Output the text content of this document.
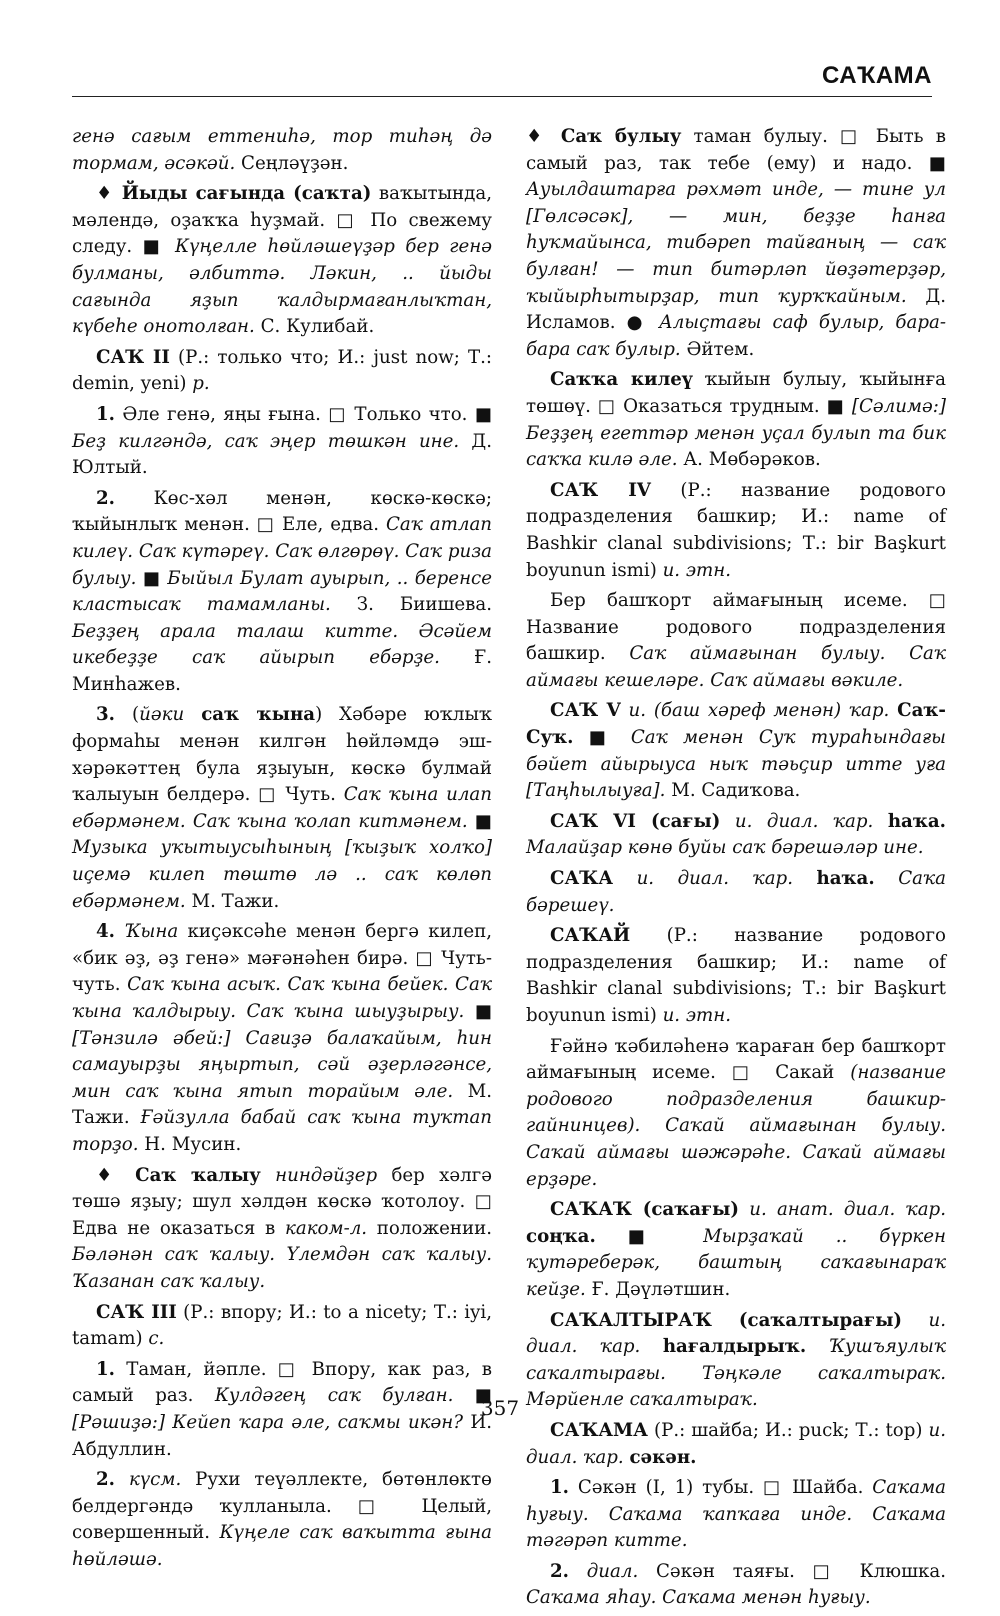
САҠАМА

генә сағым еттениһә, тор тиһәң дә тормам, әсәкәй. Сеңләүҙән.

♦ Йыды сағында (саҡта) ваҡытында, мәлендә, оҙаҡҡа һуҙмай. □ По свежему следу. ■ Күңелле һөйләшеүҙәр бер генә булманы, әлбиттә. Ләкин, .. йыды сағында яҙып ҡалдырмағанлыҡтан, күбеһе онотолған. С. Кулибай.

САҠ II (Р.: только что; И.: just now; Т.: demin, yeni) р.

1. Әле генә, яңы ғына. □ Только что. ■ Беҙ килгәндә, саҡ эңер төшкән ине. Д. Юлтый.

2. Көс-хәл менән, көскә-көскә; ҡыйынлыҡ менән. □ Еле, едва. Саҡ атлап килеү. Саҡ күтәреү. Саҡ өлгөрөү. Саҡ риза булыу. ■ Быйыл Булат ауырып, .. беренсе кластыcаҡ тамамланы. З. Биишева. Беҙҙең арала талаш китте. Әсәйем икебеҙҙе саҡ айырып ебәрҙе. Ғ. Минһажев.

3. (йәки саҡ ҡына) Хәбәре юҡлыҡ формаһы менән килгән һөйләмдә эш-хәрәкәттең була яҙыуын, көскә булмай ҡалыуын белдерә. □ Чуть. Саҡ ҡына илап ебәрмәнем. Саҡ ҡына ҡолап китмәнем. ■ Музыка уҡытыусыһының [ҡыҙыҡ холҡо] иҫемә килеп төштө лә .. саҡ көлөп ебәрмәнем. М. Тажи.

4. Ҡына киҫәксәһе менән бергә килеп, «бик әҙ, әҙ генә» мәғәнәһен бирә. □ Чуть-чуть. Саҡ ҡына асыҡ. Саҡ ҡына бейек. Саҡ ҡына ҡалдырыу. Саҡ ҡына шыуҙырыу. ■ [Тәнзилә әбей:] Сағиҙә балаҡайым, һин самауырҙы яңыртып, сәй әҙерләгәнсе, мин саҡ ҡына ятып торайым әле. М. Тажи. Ғәйзулла бабай саҡ ҡына туҡтап торҙо. Н. Мусин.

♦ Саҡ ҡалыу ниндәйҙер бер хәлгә төшә яҙыу; шул хәлдән көскә ҡотолоу. □ Едва не оказаться в каком-л. положении. Бәләнән саҡ ҡалыу. Үлемдән саҡ ҡалыу. Ҡазанан саҡ ҡалыу.

САҠ III (Р.: впору; И.: to a nicety; Т.: iyi, tamam) с.

1. Таман, йәпле. □ Впору, как раз, в самый раз. Кулдәгең саҡ булған. ■ [Рәшиҙә:] Кейеп ҡара әле, саҡмы икән? И. Абдуллин.

2. күсм. Рухи теүәллекте, бөтөнлөктө белдергәндә ҡулланыла. □ Целый, совершенный. Күңеле саҡ ваҡытта ғына һөйләшә.

♦ Саҡ булыу таман булыу. □ Быть в самый раз, так тебе (ему) и надо. ■ Ауылдаштарға рәхмәт инде, — тине ул [Гөлсәсәк], — мин, беҙҙе һанға һуҡмайынса, тибәреп тайғаның — саҡ булған! — тип битәрләп йөҙәтерҙәр, ҡыйырһытырҙар, тип ҡурҡҡайным. Д. Исламов. ● Алыҫтағы саф булыр, бара-бара саҡ булыр. Әйтем.

Саҡҡа килеү ҡыйын булыу, ҡыйынға төшөү. □ Оказаться трудным. ■ [Сәлимә:] Беҙҙең егеттәр менән уҫал булып та бик саҡҡа килә әле. А. Мөбәрәков.

САҠ IV (Р.: название родового подразделения башкир; И.: name of Bashkir clanal subdivisions; Т.: bir Başkurt boyunun ismi) и. этн.

Бер башҡорт аймағының исеме. □ Название родового подразделения башкир. Саҡ аймағынан булыу. Саҡ аймағы кешеләре. Саҡ аймағы вәкиле.

САҠ V и. (баш хәреф менән) ҡар. Саҡ-Суҡ. ■ Саҡ менән Суҡ тураһындағы бәйет айырыуса ныҡ тәьҫир итте уға [Таңһылыуға]. М. Садиҡова.

САҠ VI (сағы) и. диал. ҡар. һаҡа. Малайҙар көнө буйы саҡ бәрешәләр ине.

САҠА и. диал. ҡар. һаҡа. Саҡа бәрешеү.

САҠАЙ (Р.: название родового подразделения башкир; И.: name of Bashkir clanal subdivisions; Т.: bir Başkurt boyunun ismi) и. этн.

Ғәйнә ҡәбиләһенә ҡараған бер башҡорт аймағының исеме. □ Сакай (название родового подразделения башкир-гайнинцев). Саҡай аймағынан булыу. Саҡай аймағы шәжәрәһе. Саҡай аймағы ерҙәре.

САҠАҠ (саҡағы) и. анат. диал. ҡар. соңҡа. ■ Мырҙаҡай .. бүркен ҡутәреберәк, баштың саҡағынараҡ кейҙе. Ғ. Дәүләтшин.

САҠАЛТЫРАҠ (саҡалтырағы) и. диал. ҡар. һағалдырыҡ. Ҡушъяулыҡ саҡалтырағы. Тәңкәле саҡалтыраҡ. Мәрйенле саҡалтыраҡ.

САҠАМА (Р.: шайба; И.: puck; Т.: top) и. диал. ҡар. сәкән.

1. Сәкән (I, 1) тубы. □ Шайба. Саҡама һуғыу. Саҡама ҡапҡаға инде. Саҡама тәгәрәп китте.

2. диал. Сәкән таяғы. □ Клюшка. Саҡама яһау. Саҡама менән һуғыу.

357
